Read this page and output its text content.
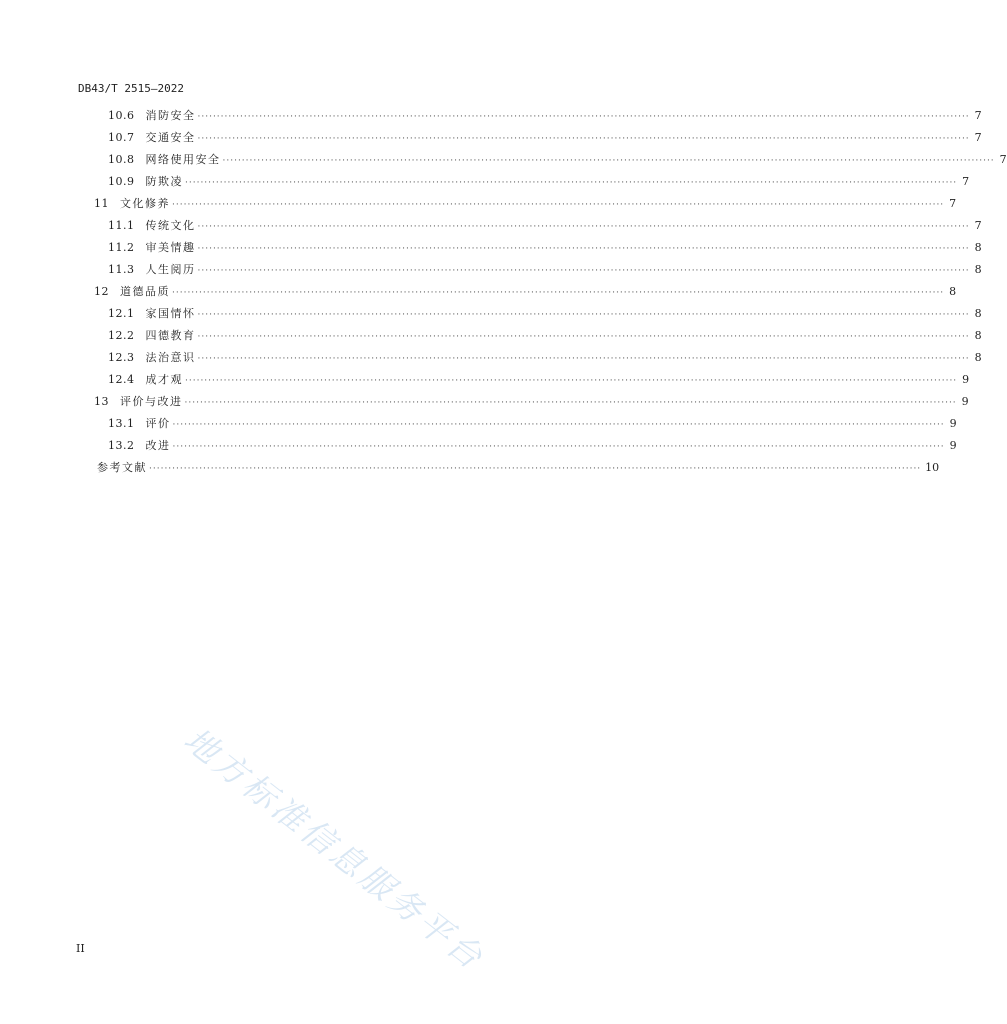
DB43/T 2515—2022
10.6 消防安全 ········································································································································································································ 7
10.7 交通安全 ········································································································································································································ 7
10.8 网络使用安全 ········································································································································································································ 7
10.9 防欺凌 ········································································································································································································ 7
11 文化修养 ········································································································································································································ 7
11.1 传统文化 ········································································································································································································ 7
11.2 审美情趣 ········································································································································································································ 8
11.3 人生阅历 ········································································································································································································ 8
12 道德品质 ········································································································································································································ 8
12.1 家国情怀 ········································································································································································································ 8
12.2 四德教育 ········································································································································································································ 8
12.3 法治意识 ········································································································································································································ 8
12.4 成才观 ········································································································································································································ 9
13 评价与改进 ········································································································································································································ 9
13.1 评价 ········································································································································································································ 9
13.2 改进 ········································································································································································································ 9
参考文献 ········································································································································································································ 10
地方标准信息服务平台
II
